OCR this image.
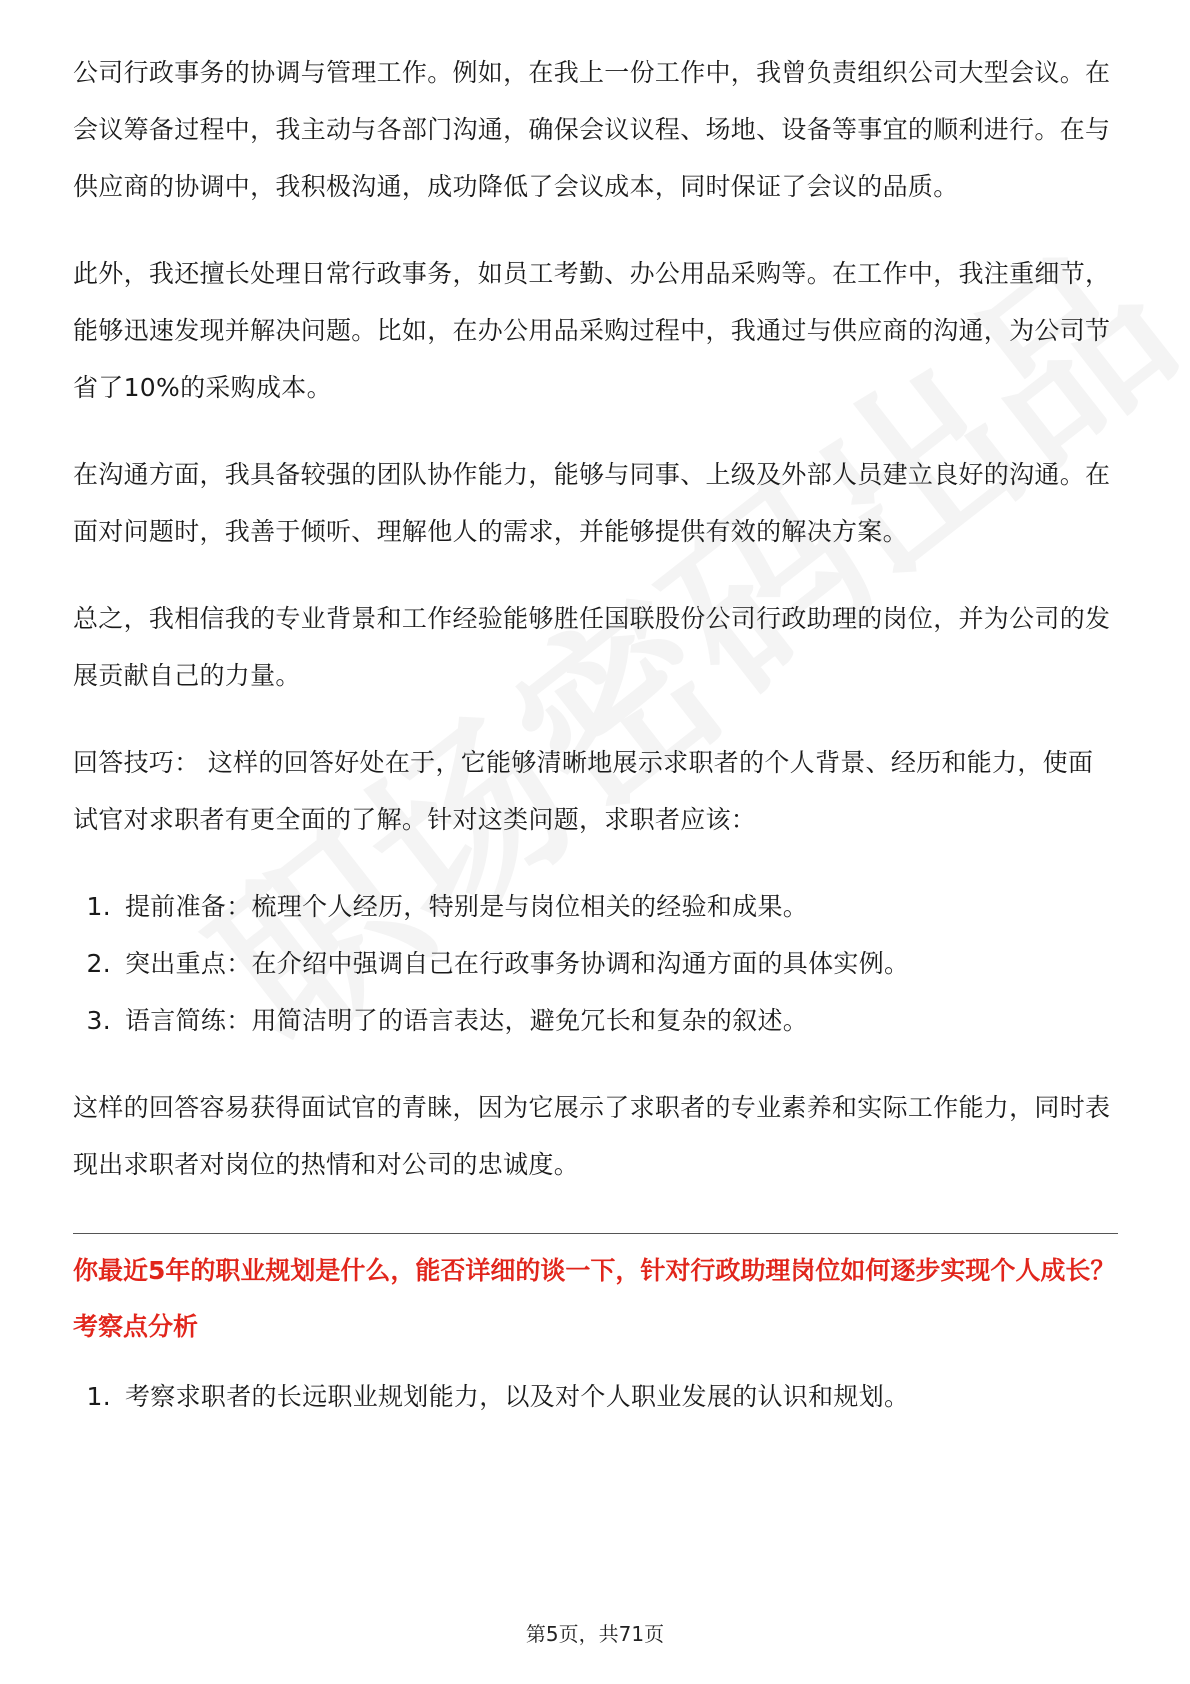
公司行政事务的协调与管理工作。例如，在我上一份工作中，我曾负责组织公司大型会议。在会议筹备过程中，我主动与各部门沟通，确保会议议程、场地、设备等事宜的顺利进行。在与供应商的协调中，我积极沟通，成功降低了会议成本，同时保证了会议的品质。

此外，我还擅长处理日常行政事务，如员工考勤、办公用品采购等。在工作中，我注重细节，能够迅速发现并解决问题。比如，在办公用品采购过程中，我通过与供应商的沟通，为公司节省了10%的采购成本。

在沟通方面，我具备较强的团队协作能力，能够与同事、上级及外部人员建立良好的沟通。在面对问题时，我善于倾听、理解他人的需求，并能够提供有效的解决方案。

总之，我相信我的专业背景和工作经验能够胜任国联股份公司行政助理的岗位，并为公司的发展贡献自己的力量。

回答技巧： 这样的回答好处在于，它能够清晰地展示求职者的个人背景、经历和能力，使面试官对求职者有更全面的了解。针对这类问题，求职者应该：

1. 提前准备：梳理个人经历，特别是与岗位相关的经验和成果。
2. 突出重点：在介绍中强调自己在行政事务协调和沟通方面的具体实例。
3. 语言简练：用简洁明了的语言表达，避免冗长和复杂的叙述。

这样的回答容易获得面试官的青睐，因为它展示了求职者的专业素养和实际工作能力，同时表现出求职者对岗位的热情和对公司的忠诚度。

你最近5年的职业规划是什么，能否详细的谈一下，针对行政助理岗位如何逐步实现个人成长？
考察点分析
1. 考察求职者的长远职业规划能力，以及对个人职业发展的认识和规划。
第5页，共71页
